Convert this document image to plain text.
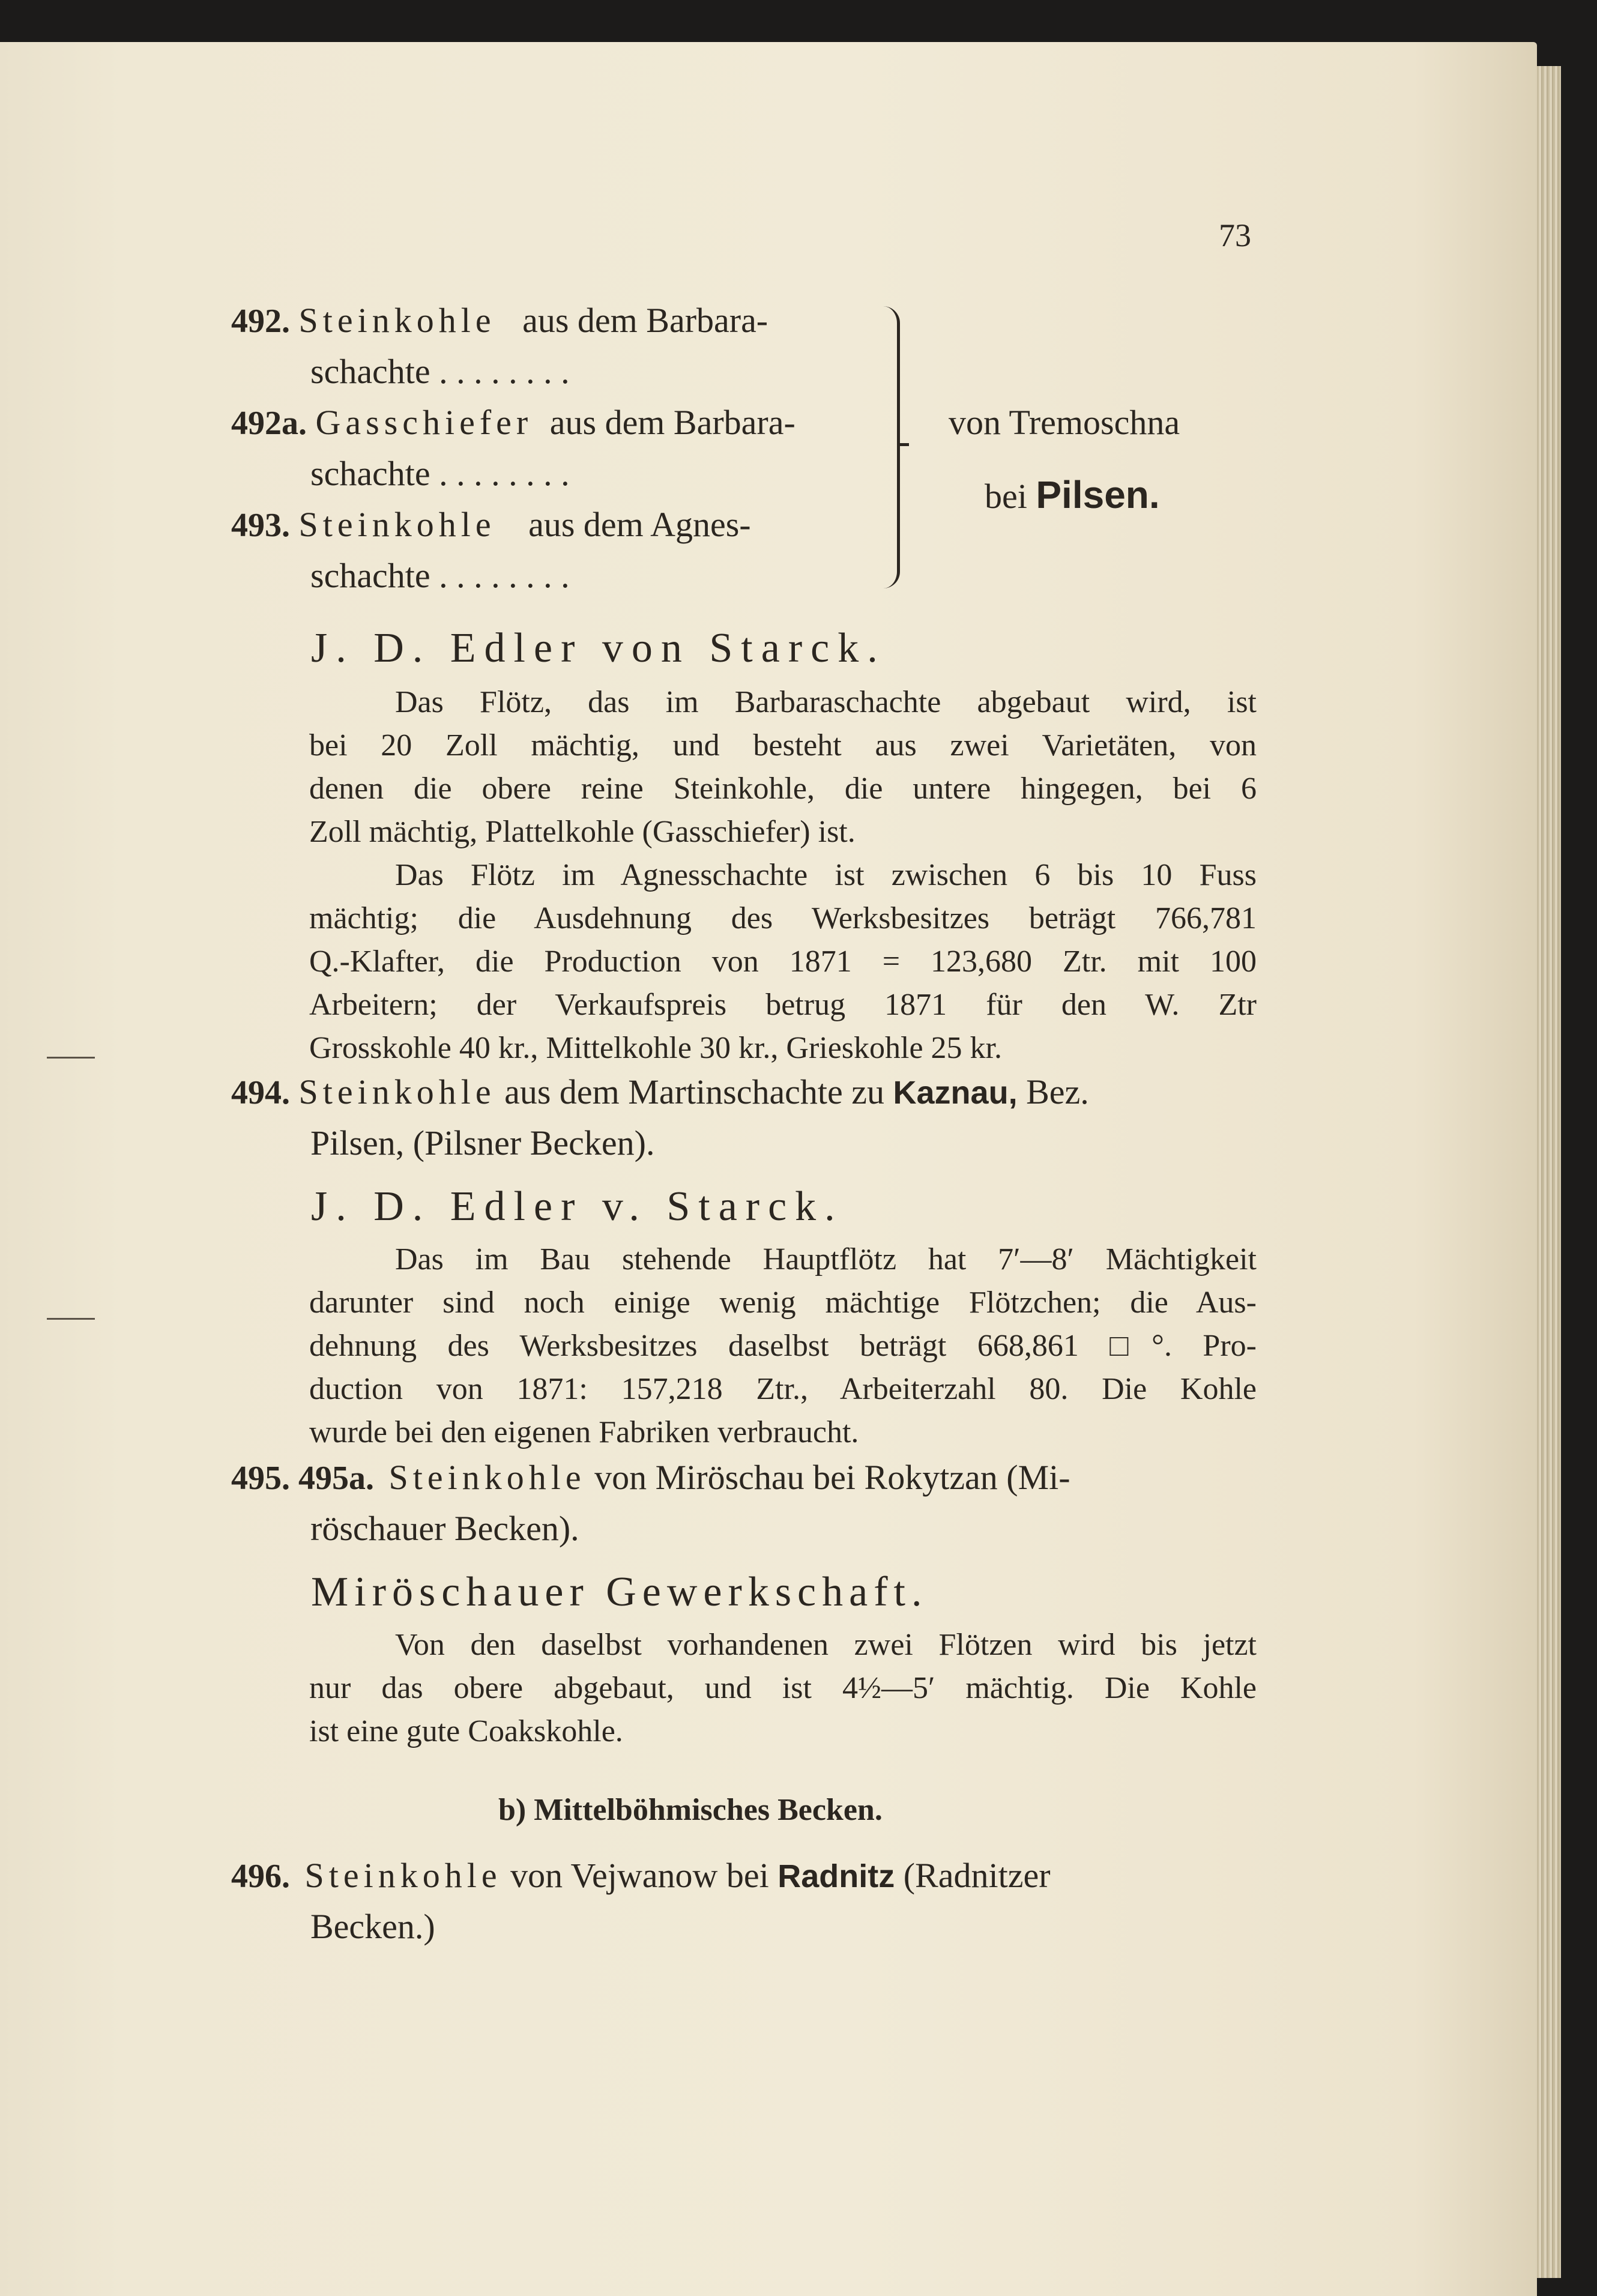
73
492. Steinkohle aus dem Barbara-
schachte . . . . . . . .
492a. Gasschiefer aus dem Barbara-
schachte . . . . . . . .
493. Steinkohle aus dem Agnes-
schachte . . . . . . . .
von Tremoschna
bei Pilsen.
J. D. Edler von Starck.
Das Flötz, das im Barbaraschachte abgebaut wird, ist
bei 20 Zoll mächtig, und besteht aus zwei Varietäten, von
denen die obere reine Steinkohle, die untere hingegen, bei 6
Zoll mächtig, Plattelkohle (Gasschiefer) ist.
Das Flötz im Agnesschachte ist zwischen 6 bis 10 Fuss
mächtig; die Ausdehnung des Werksbesitzes beträgt 766,781
Q.-Klafter, die Production von 1871 = 123,680 Ztr. mit 100
Arbeitern; der Verkaufspreis betrug 1871 für den W. Ztr
Grosskohle 40 kr., Mittelkohle 30 kr., Grieskohle 25 kr.
494. Steinkohle aus dem Martinschachte zu Kaznau, Bez.
Pilsen, (Pilsner Becken).
J. D. Edler v. Starck.
Das im Bau stehende Hauptflötz hat 7′—8′ Mächtigkeit
darunter sind noch einige wenig mächtige Flötzchen; die Aus-
dehnung des Werksbesitzes daselbst beträgt 668,861 □°. Pro-
duction von 1871: 157,218 Ztr., Arbeiterzahl 80. Die Kohle
wurde bei den eigenen Fabriken verbraucht.
495. 495a. Steinkohle von Miröschau bei Rokytzan (Mi-
röschauer Becken).
Miröschauer Gewerkschaft.
Von den daselbst vorhandenen zwei Flötzen wird bis jetzt
nur das obere abgebaut, und ist 4½—5′ mächtig. Die Kohle
ist eine gute Coakskohle.
b) Mittelböhmisches Becken.
496. Steinkohle von Vejwanow bei Radnitz (Radnitzer
Becken.)
